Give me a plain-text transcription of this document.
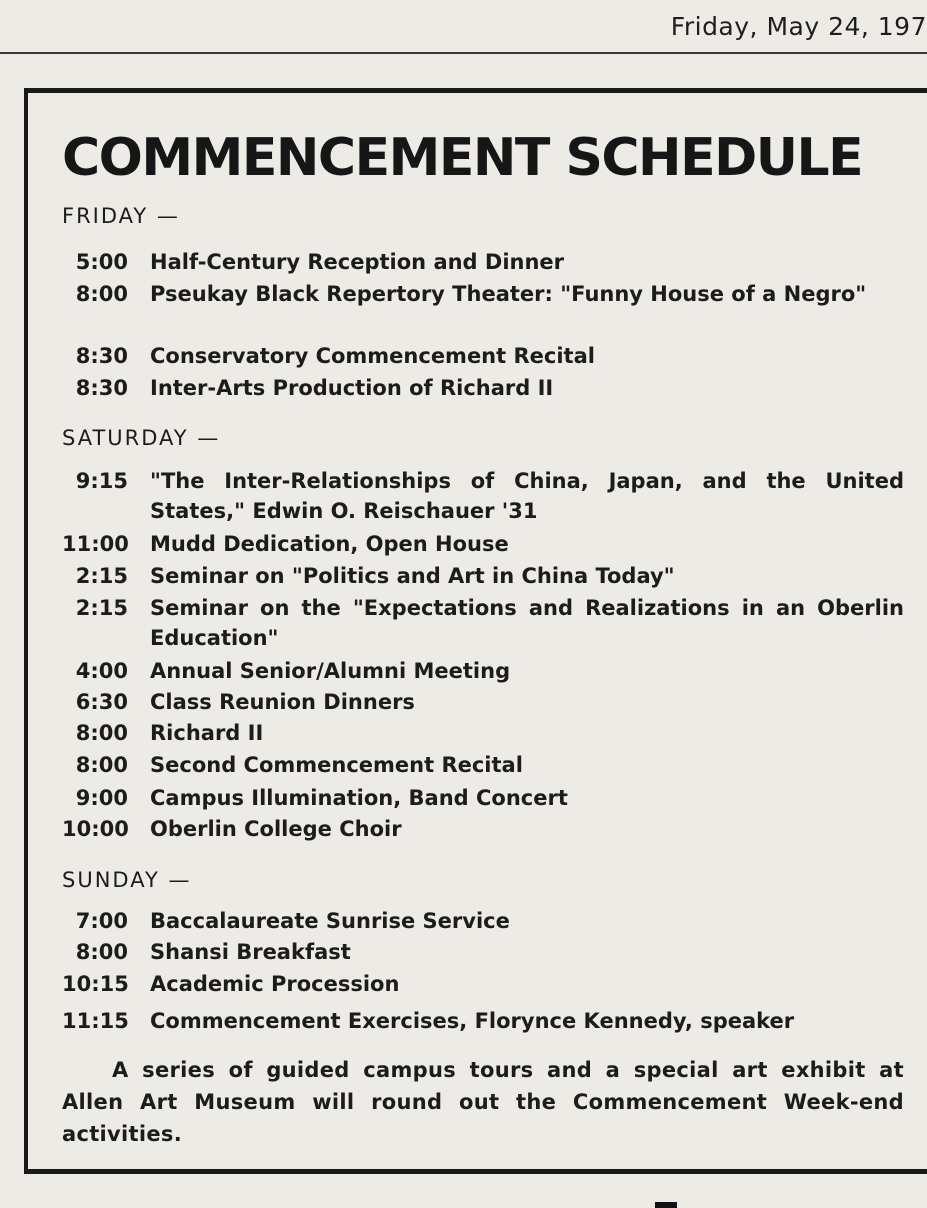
Friday, May 24, 197
COMMENCEMENT SCHEDULE
FRIDAY —
5:00 Half-Century Reception and Dinner
8:00 Pseukay Black Repertory Theater: "Funny House of a Negro"
8:30 Conservatory Commencement Recital
8:30 Inter-Arts Production of Richard II
SATURDAY —
9:15 "The Inter-Relationships of China, Japan, and the United States," Edwin O. Reischauer '31
11:00 Mudd Dedication, Open House
2:15 Seminar on "Politics and Art in China Today"
2:15 Seminar on the "Expectations and Realizations in an Oberlin Education"
4:00 Annual Senior/Alumni Meeting
6:30 Class Reunion Dinners
8:00 Richard II
8:00 Second Commencement Recital
9:00 Campus Illumination, Band Concert
10:00 Oberlin College Choir
SUNDAY —
7:00 Baccalaureate Sunrise Service
8:00 Shansi Breakfast
10:15 Academic Procession
11:15 Commencement Exercises, Florynce Kennedy, speaker
A series of guided campus tours and a special art exhibit at Allen Art Museum will round out the Commencement Week-end activities.
